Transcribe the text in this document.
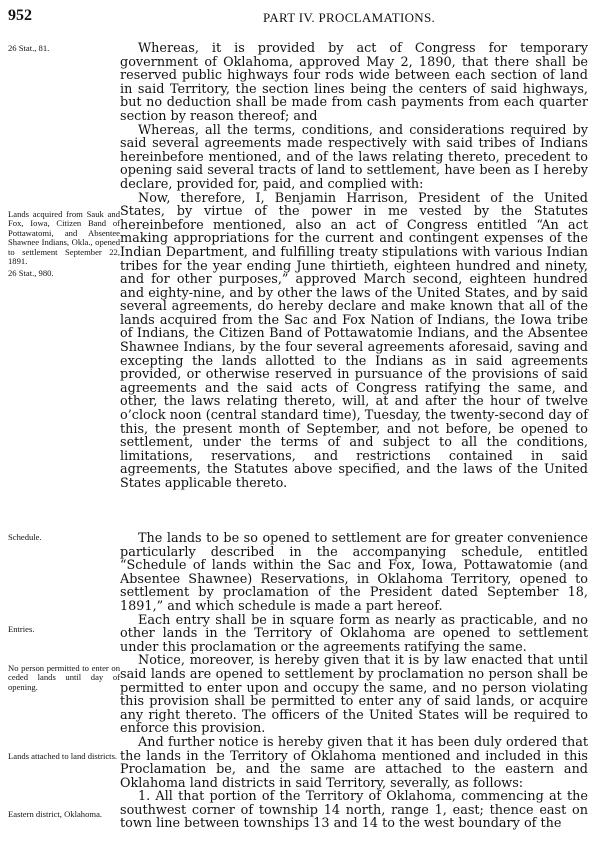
952	PART IV. PROCLAMATIONS.
26 Stat., 81.
Lands acquired from Sauk and Fox, Iowa, Citizen Band of Pottawatomi, and Absentee Shawnee Indians, Okla., opened to settlement September 22, 1891.
26 Stat., 980.
Schedule.
Entries.
No person permitted to enter on ceded lands until day of opening.
Lands attached to land districts.
Eastern district, Oklahoma.

Whereas, it is provided by act of Congress for temporary government of Oklahoma, approved May 2, 1890, that there shall be reserved public highways four rods wide between each section of land in said Territory, the section lines being the centers of said highways, but no deduction shall be made from cash payments from each quarter section by reason thereof; and

Whereas, all the terms, conditions, and considerations required by said several agreements made respectively with said tribes of Indians hereinbefore mentioned, and of the laws relating thereto, precedent to opening said several tracts of land to settlement, have been as I hereby declare, provided for, paid, and complied with:

Now, therefore, I, Benjamin Harrison, President of the United States, by virtue of the power in me vested by the Statutes hereinbefore mentioned, also an act of Congress entitled “An act making appropriations for the current and contingent expenses of the Indian Department, and fulfilling treaty stipulations with various Indian tribes for the year ending June thirtieth, eighteen hundred and ninety, and for other purposes,” approved March second, eighteen hundred and eighty-nine, and by other the laws of the United States, and by said several agreements, do hereby declare and make known that all of the lands acquired from the Sac and Fox Nation of Indians, the Iowa tribe of Indians, the Citizen Band of Pottawatomie Indians, and the Absentee Shawnee Indians, by the four several agreements aforesaid, saving and excepting the lands allotted to the Indians as in said agreements provided, or otherwise reserved in pursuance of the provisions of said agreements and the said acts of Congress ratifying the same, and other, the laws relating thereto, will, at and after the hour of twelve o’clock noon (central standard time), Tuesday, the twenty-second day of this, the present month of September, and not before, be opened to settlement, under the terms of and subject to all the conditions, limitations, reservations, and restrictions contained in said agreements, the Statutes above specified, and the laws of the United States applicable thereto.

The lands to be so opened to settlement are for greater convenience particularly described in the accompanying schedule, entitled “Schedule of lands within the Sac and Fox, Iowa, Pottawatomie (and Absentee Shawnee) Reservations, in Oklahoma Territory, opened to settlement by proclamation of the President dated September 18, 1891,” and which schedule is made a part hereof.

Each entry shall be in square form as nearly as practicable, and no other lands in the Territory of Oklahoma are opened to settlement under this proclamation or the agreements ratifying the same.

Notice, moreover, is hereby given that it is by law enacted that until said lands are opened to settlement by proclamation no person shall be permitted to enter upon and occupy the same, and no person violating this provision shall be permitted to enter any of said lands, or acquire any right thereto. The officers of the United States will be required to enforce this provision.

And further notice is hereby given that it has been duly ordered that the lands in the Territory of Oklahoma mentioned and included in this Proclamation be, and the same are attached to the eastern and Oklahoma land districts in said Territory, severally, as follows:

1. All that portion of the Territory of Oklahoma, commencing at the southwest corner of township 14 north, range 1, east; thence east on town line between townships 13 and 14 to the west boundary of the
